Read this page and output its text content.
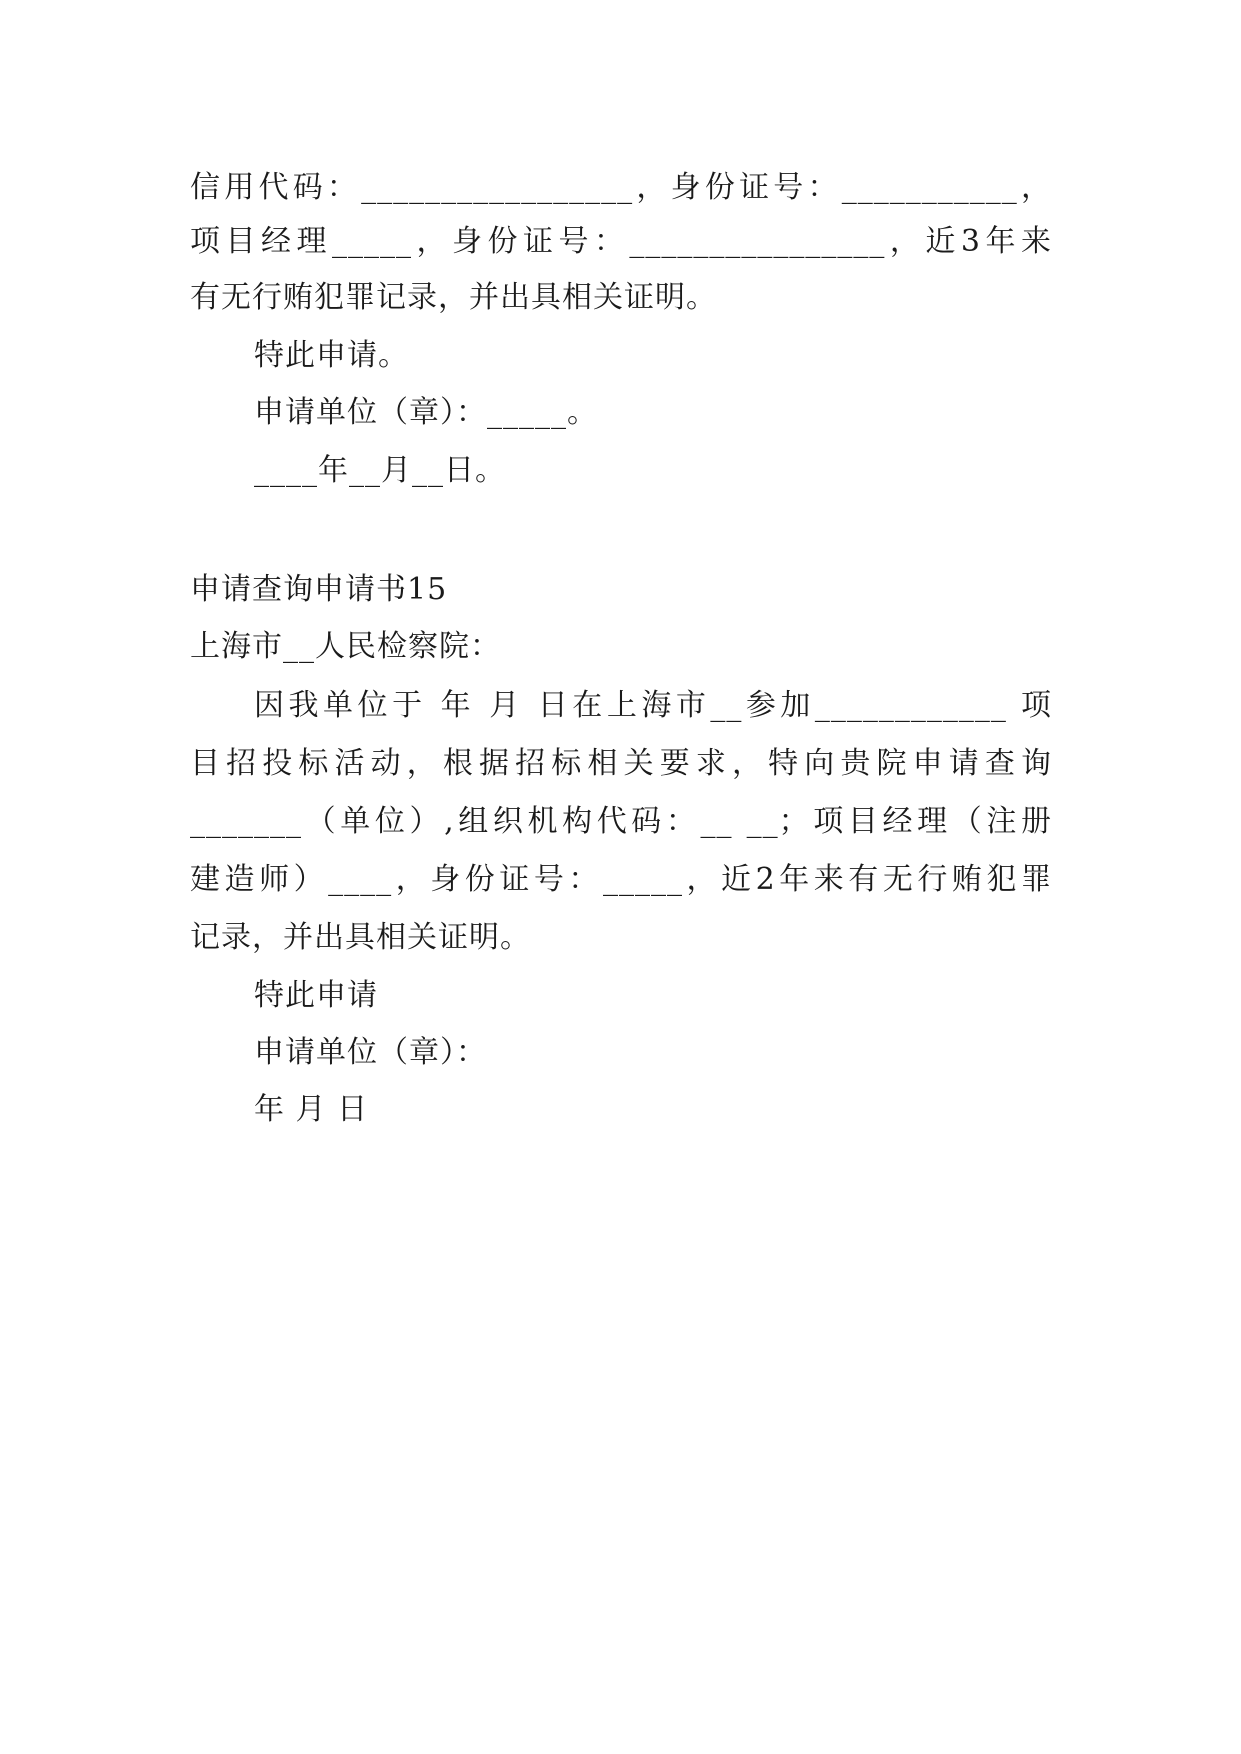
信用代码：_________________，身份证号：___________，
项目经理_____，身份证号：________________，近3年来
有无行贿犯罪记录，并出具相关证明。
特此申请。
申请单位（章）：_____。
____年__月__日。
申请查询申请书15
上海市__人民检察院：
因我单位于 年 月 日在上海市__参加____________ 项
目招投标活动，根据招标相关要求，特向贵院申请查询
_______（单位）,组织机构代码：__ __；项目经理（注册
建造师）____，身份证号：_____，近2年来有无行贿犯罪
记录，并出具相关证明。
特此申请
申请单位（章）：
年 月 日
